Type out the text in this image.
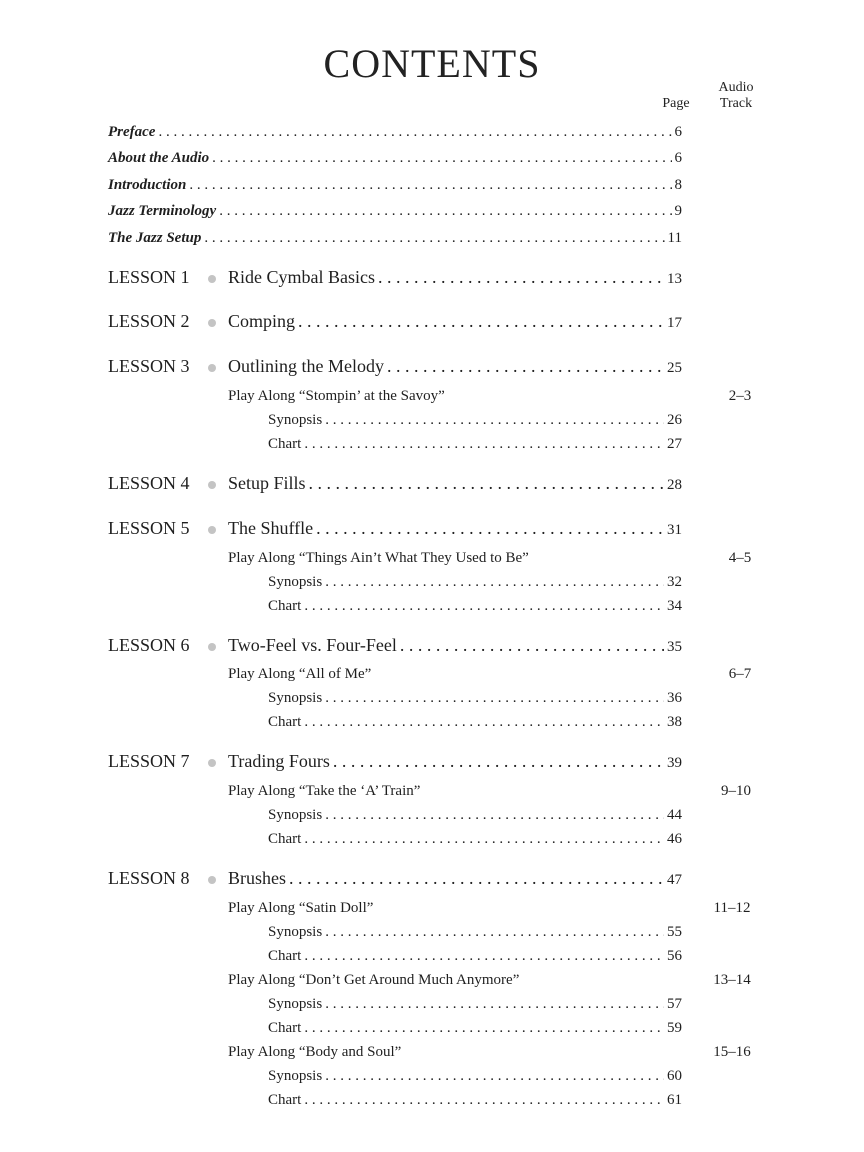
CONTENTS
Audio
Track
Page
Preface . . .	6
About the Audio . . .	6
Introduction . . .	8
Jazz Terminology . . .	9
The Jazz Setup . . .	11
LESSON 1 Ride Cymbal Basics . . .	13
LESSON 2 Comping . . .	17
LESSON 3 Outlining the Melody . . .	25
Play Along “Stompin’ at the Savoy”	2–3
Synopsis . . .	26
Chart . . .	27
LESSON 4 Setup Fills . . .	28
LESSON 5 The Shuffle . . .	31
Play Along “Things Ain’t What They Used to Be”	4–5
Synopsis . . .	32
Chart . . .	34
LESSON 6 Two-Feel vs. Four-Feel . . .	35
Play Along “All of Me”	6–7
Synopsis . . .	36
Chart . . .	38
LESSON 7 Trading Fours . . .	39
Play Along “Take the ‘A’ Train”	9–10
Synopsis . . .	44
Chart . . .	46
LESSON 8 Brushes . . .	47
Play Along “Satin Doll”	11–12
Synopsis . . .	55
Chart . . .	56
Play Along “Don’t Get Around Much Anymore”	13–14
Synopsis . . .	57
Chart . . .	59
Play Along “Body and Soul”	15–16
Synopsis . . .	60
Chart . . .	61
